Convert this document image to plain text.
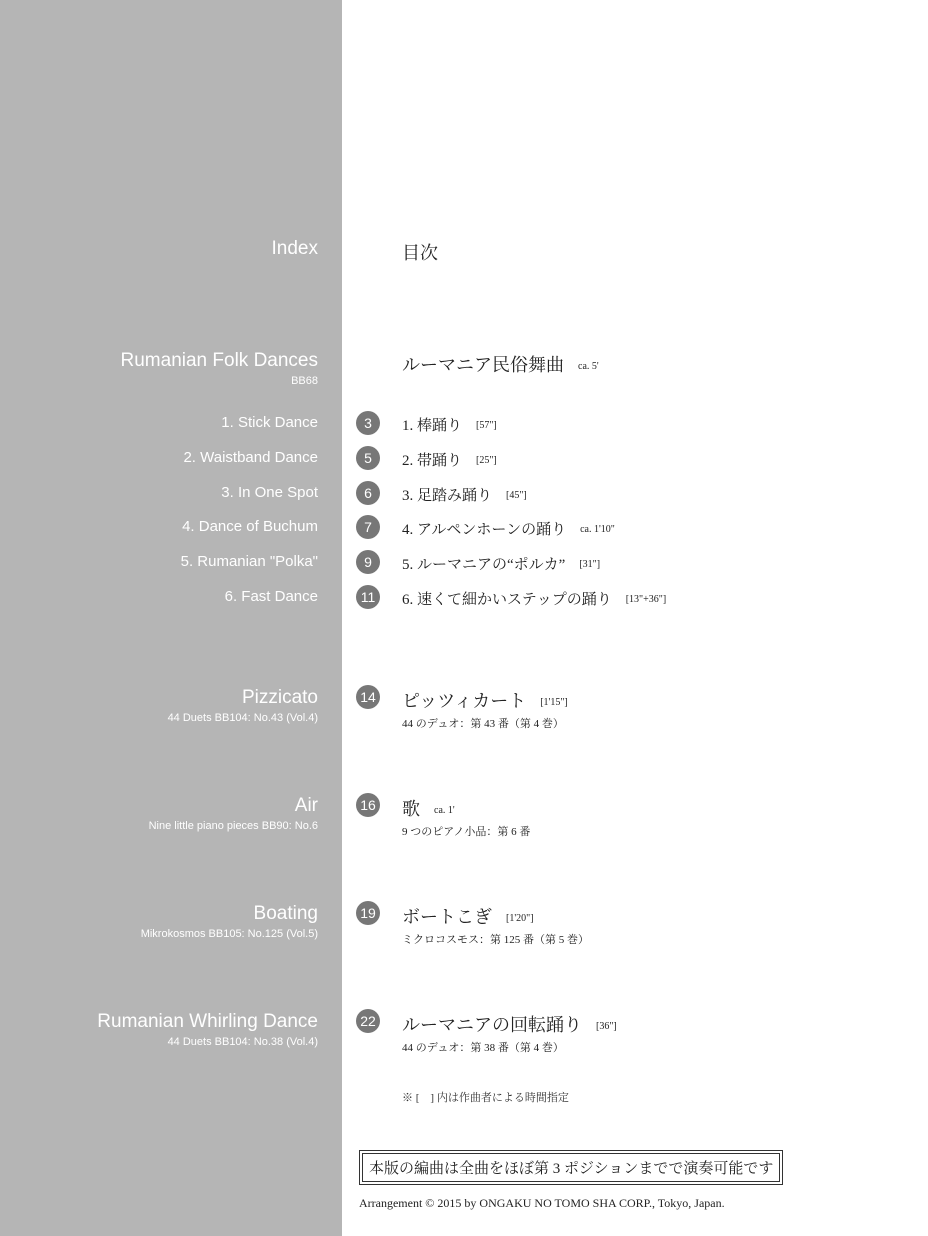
Index	目次
Rumanian Folk Dances
BB68
ルーマニア民俗舞曲 ca. 5'
1. Stick Dance	3	1. 棒踊り [57"]
2. Waistband Dance	5	2. 帯踊り [25"]
3. In One Spot	6	3. 足踏み踊り [45"]
4. Dance of Buchum	7	4. アルペンホーンの踊り ca. 1'10"
5. Rumanian "Polka"	9	5. ルーマニアの“ポルカ” [31"]
6. Fast Dance	11	6. 速くて細かいステップの踊り [13"+36"]
Pizzicato
44 Duets BB104: No.43 (Vol.4)
14 ピッツィカート [1'15"]
44 のデュオ：第 43 番（第 4 巻）
Air
Nine little piano pieces BB90: No.6
16 歌 ca. 1'
9 つのピアノ小品：第 6 番
Boating
Mikrokosmos BB105: No.125 (Vol.5)
19 ボートこぎ [1'20"]
ミクロコスモス：第 125 番（第 5 巻）
Rumanian Whirling Dance
44 Duets BB104: No.38 (Vol.4)
22 ルーマニアの回転踊り [36"]
44 のデュオ：第 38 番（第 4 巻）
※ [　] 内は作曲者による時間指定
本版の編曲は全曲をほぼ第 3 ポジションまでで演奏可能です
Arrangement © 2015 by ONGAKU NO TOMO SHA CORP., Tokyo, Japan.
